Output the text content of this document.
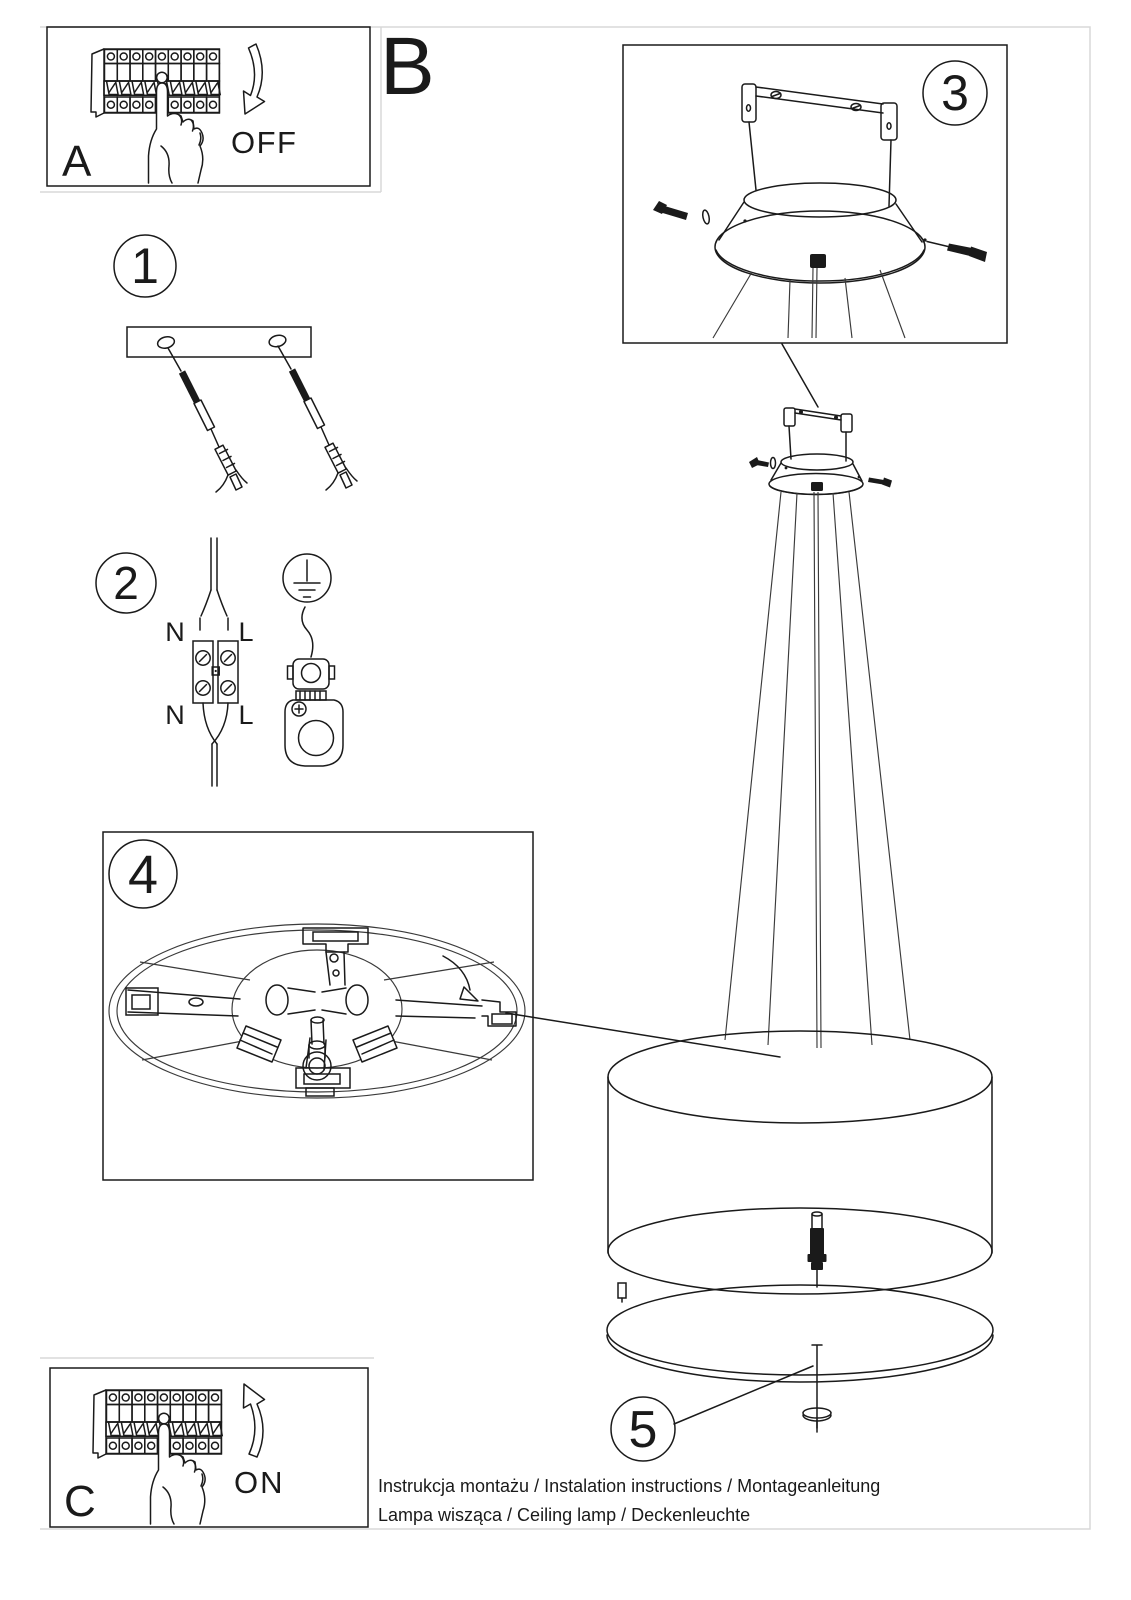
A	OFF
B
1
2
N L
N L
3
4
5
C	ON	Instrukcja montażu / Instalation instructions / Montageanleitung
Lampa wisząca / Ceiling lamp / Deckenleuchte
